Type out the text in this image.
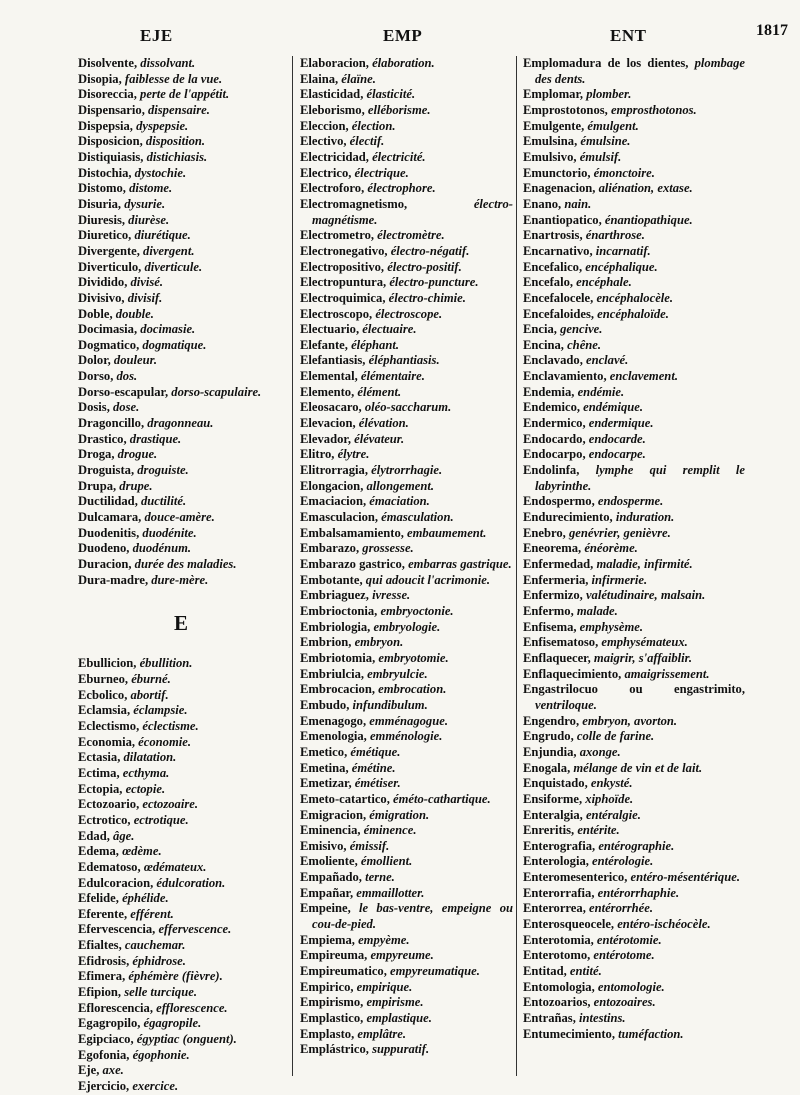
EJE	EMP	ENT	1817
Disolvente, dissolvant.
Disopia, faiblesse de la vue.
Disoreccia, perte de l'appétit.
Dispensario, dispensaire.
Dispepsia, dyspepsie.
Disposicion, disposition.
Distiquiasis, distichiasis.
Distochia, dystochie.
Distomo, distome.
Disuria, dysurie.
Diuresis, diurèse.
Diuretico, diurétique.
Divergente, divergent.
Diverticulo, diverticule.
Dividido, divisé.
Divisivo, divisif.
Doble, double.
Docimasia, docimasie.
Dogmatico, dogmatique.
Dolor, douleur.
Dorso, dos.
Dorso-escapular, dorso-scapulaire.
Dosis, dose.
Dragoncillo, dragonneau.
Drastico, drastique.
Droga, drogue.
Droguista, droguiste.
Drupa, drupe.
Ductilidad, ductilité.
Dulcamara, douce-amère.
Duodenitis, duodénite.
Duodeno, duodénum.
Duracion, durée des maladies.
Dura-madre, dure-mère.
E
Ebullicion, ébullition.
Eburneo, éburné.
Ecbolico, abortif.
Eclamsia, éclampsie.
Eclectismo, éclectisme.
Economia, économie.
Ectasia, dilatation.
Ectima, ecthyma.
Ectopia, ectopie.
Ectozoario, ectozoaire.
Ectrotico, ectrotique.
Edad, âge.
Edema, œdème.
Edematoso, œdémateux.
Edulcoracion, édulcoration.
Efelide, éphélide.
Eferente, efférent.
Efervescencia, effervescence.
Efialtes, cauchemar.
Efidrosis, éphidrose.
Efimera, éphémère (fièvre).
Efipion, selle turcique.
Eflorescencia, efflorescence.
Egagropilo, égagropile.
Egipciaco, égyptiac (onguent).
Egofonia, égophonie.
Eje, axe.
Ejercicio, exercice.
Elaboracion, élaboration.
Elaina, élaïne.
Elasticidad, élasticité.
Eleborismo, elléborisme.
Eleccion, élection.
Electivo, électif.
Electricidad, électricité.
Electrico, électrique.
Electroforo, électrophore.
Electromagnetismo, électro-magnétisme.
Electrometro, électromètre.
Electronegativo, électro-négatif.
Electropositivo, électro-positif.
Electropuntura, électro-puncture.
Electroquimica, électro-chimie.
Electroscopo, électroscope.
Electuario, électuaire.
Elefante, éléphant.
Elefantiasis, éléphantiasis.
Elemental, élémentaire.
Elemento, élément.
Eleosacaro, oléo-saccharum.
Elevacion, élévation.
Elevador, élévateur.
Elitro, élytre.
Elitrorragia, élytrorrhagie.
Elongacion, allongement.
Emaciacion, émaciation.
Emasculacion, émasculation.
Embalsamamiento, embaumement.
Embarazo, grossesse.
Embarazo gastrico, embarras gastrique.
Embotante, qui adoucit l'acrimonie.
Embriaguez, ivresse.
Embrioctonia, embryoctonie.
Embriologia, embryologie.
Embrion, embryon.
Embriotomia, embryotomie.
Embriulcia, embryulcie.
Embrocacion, embrocation.
Embudo, infundibulum.
Emenagogo, emménagogue.
Emenologia, emménologie.
Emetico, émétique.
Emetina, émétine.
Emetizar, émétiser.
Emeto-catartico, éméto-cathartique.
Emigracion, émigration.
Eminencia, éminence.
Emisivo, émissif.
Emoliente, émollient.
Empañado, terne.
Empañar, emmaillotter.
Empeine, le bas-ventre, empeigne ou cou-de-pied.
Empiema, empyème.
Empireuma, empyreume.
Empireumatico, empyreumatique.
Empirico, empirique.
Empirismo, empirisme.
Emplastico, emplastique.
Emplasto, emplâtre.
Emplástrico, suppuratif.
Emplomadura de los dientes, plombage des dents.
Emplomar, plomber.
Emprostotonos, emprosthotonos.
Emulgente, émulgent.
Emulsina, émulsine.
Emulsivo, émulsif.
Emunctorio, émonctoire.
Enagenacion, aliénation, extase.
Enano, nain.
Enantiopatico, énantiopathique.
Enartrosis, énarthrose.
Encarnativo, incarnatif.
Encefalico, encéphalique.
Encefalo, encéphale.
Encefalocele, encéphalocèle.
Encefaloides, encéphaloïde.
Encia, gencive.
Encina, chêne.
Enclavado, enclavé.
Enclavamiento, enclavement.
Endemia, endémie.
Endemico, endémique.
Endermico, endermique.
Endocardo, endocarde.
Endocarpo, endocarpe.
Endolinfa, lymphe qui remplit le labyrinthe.
Endospermo, endosperme.
Endurecimiento, induration.
Enebro, genévrier, genièvre.
Eneorema, énéorème.
Enfermedad, maladie, infirmité.
Enfermeria, infirmerie.
Enfermizo, valétudinaire, malsain.
Enfermo, malade.
Enfisema, emphysème.
Enfisematoso, emphysémateux.
Enflaquecer, maigrir, s'affaiblir.
Enflaquecimiento, amaigrissement.
Engastrilocuo ou engastrimito, ventriloque.
Engendro, embryon, avorton.
Engrudo, colle de farine.
Enjundia, axonge.
Enogala, mélange de vin et de lait.
Enquistado, enkysté.
Ensiforme, xiphoïde.
Enteralgia, entéralgie.
Enreritis, entérite.
Enterografia, entérographie.
Enterologia, entérologie.
Enteromesenterico, entéro-mésentérique.
Enterorrafia, entérorrhaphie.
Enterorrea, entérorrhée.
Enterosqueocele, entéro-ischéocèle.
Enterotomia, entérotomie.
Enterotomo, entérotome.
Entitad, entité.
Entomologia, entomologie.
Entozoarios, entozoaires.
Entrañas, intestins.
Entumecimiento, tuméfaction.
